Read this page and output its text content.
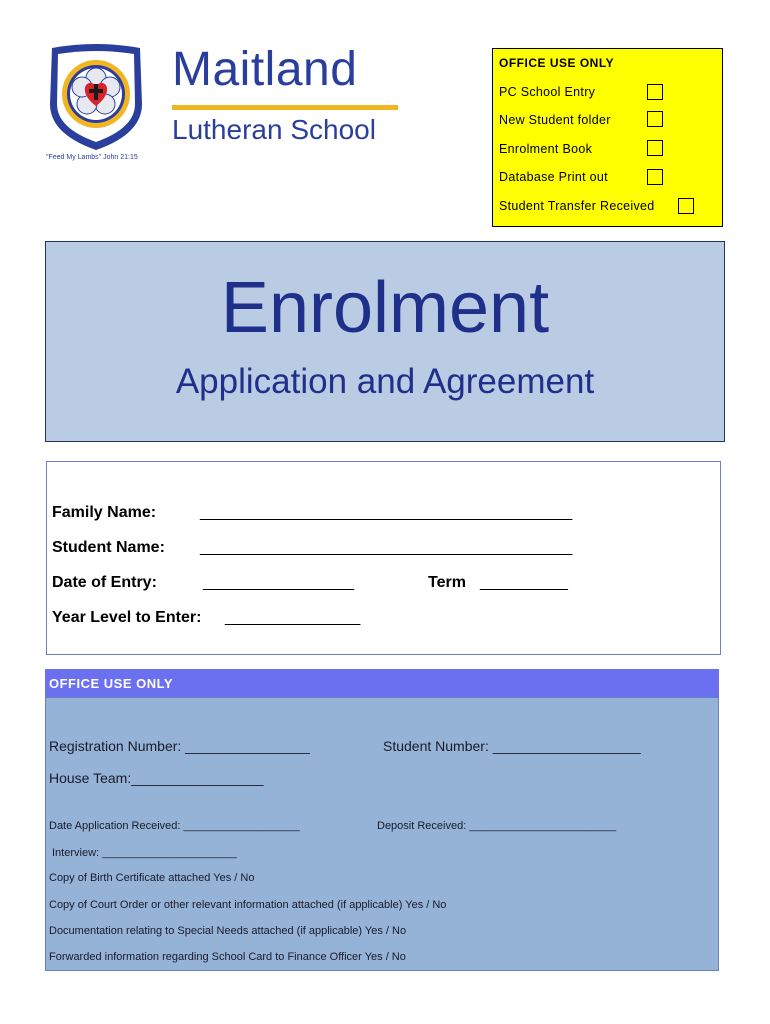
Maitland
Lutheran School
"Feed My Lambs" John 21:15
OFFICE USE ONLY
PC School Entry
New Student folder
Enrolment Book
Database Print out
Student Transfer Received
Enrolment
Application and Agreement
Family Name:	_______________________________________________
Student Name: _______________________________________________
Date of Entry:	___________________	Term ___________
Year Level to Enter: _________________
OFFICE USE ONLY
Registration Number: ________________	Student Number: ___________________
House Team:_________________
Date Application Received: ___________________	Deposit Received: ________________________
Interview: ______________________
Copy of Birth Certificate attached Yes / No
Copy of Court Order or other relevant information attached (if applicable) Yes / No
Documentation relating to Special Needs attached (if applicable) Yes / No
Forwarded information regarding School Card to Finance Officer Yes / No
